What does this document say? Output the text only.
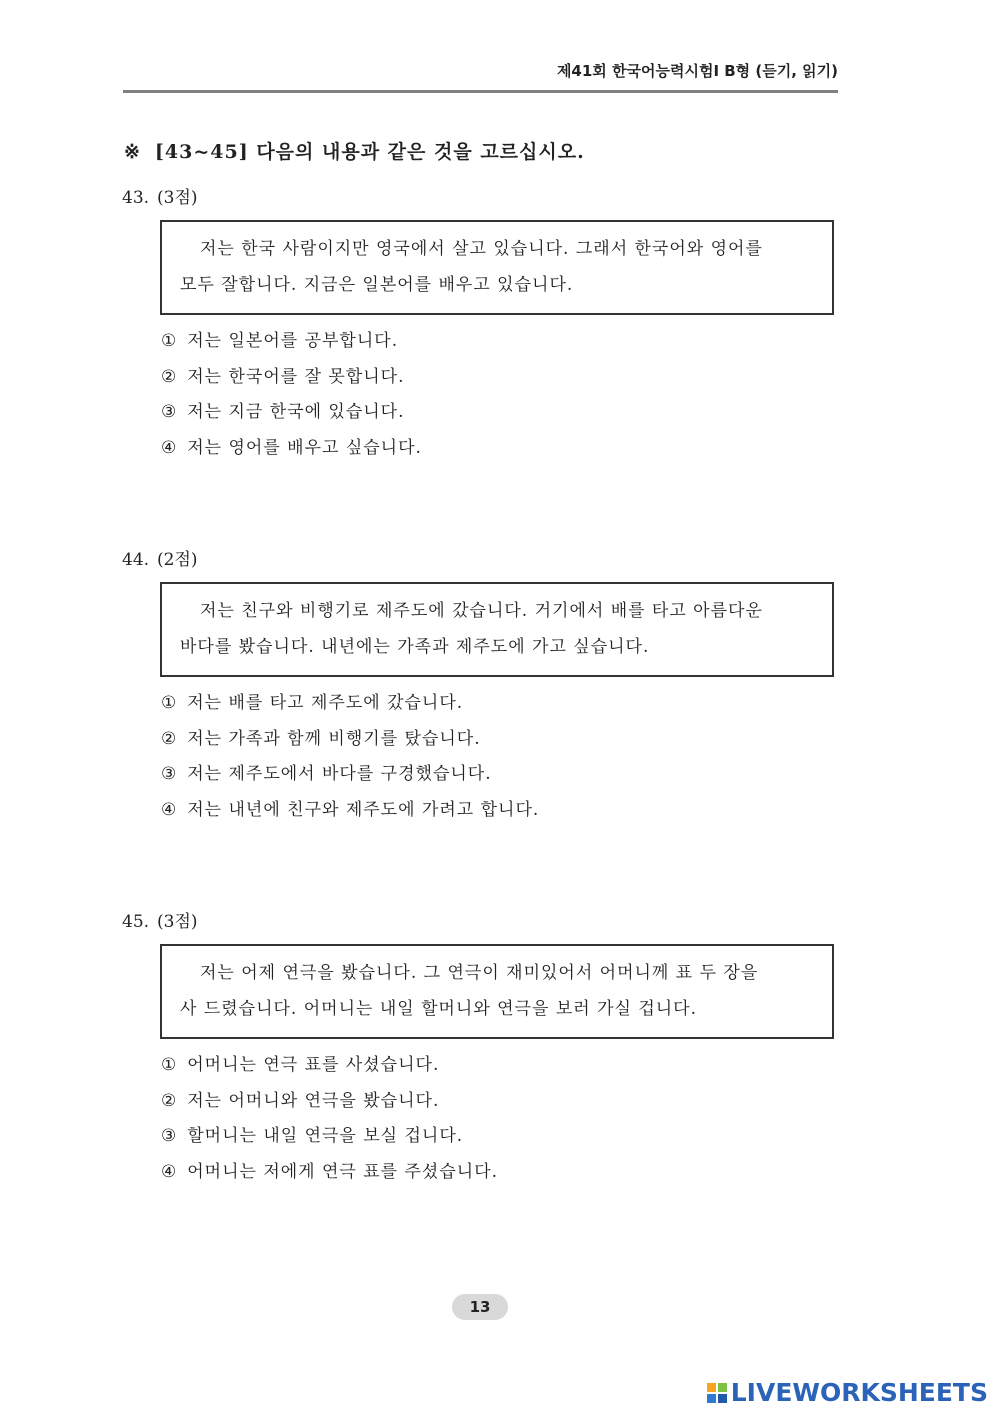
제41회 한국어능력시험Ⅰ B형 (듣기, 읽기)
※ [43~45] 다음의 내용과 같은 것을 고르십시오.
43. (3점)
저는 한국 사람이지만 영국에서 살고 있습니다. 그래서 한국어와 영어를
모두 잘합니다. 지금은 일본어를 배우고 있습니다.
① 저는 일본어를 공부합니다.
② 저는 한국어를 잘 못합니다.
③ 저는 지금 한국에 있습니다.
④ 저는 영어를 배우고 싶습니다.
44. (2점)
저는 친구와 비행기로 제주도에 갔습니다. 거기에서 배를 타고 아름다운
바다를 봤습니다. 내년에는 가족과 제주도에 가고 싶습니다.
① 저는 배를 타고 제주도에 갔습니다.
② 저는 가족과 함께 비행기를 탔습니다.
③ 저는 제주도에서 바다를 구경했습니다.
④ 저는 내년에 친구와 제주도에 가려고 합니다.
45. (3점)
저는 어제 연극을 봤습니다. 그 연극이 재미있어서 어머니께 표 두 장을
사 드렸습니다. 어머니는 내일 할머니와 연극을 보러 가실 겁니다.
① 어머니는 연극 표를 사셨습니다.
② 저는 어머니와 연극을 봤습니다.
③ 할머니는 내일 연극을 보실 겁니다.
④ 어머니는 저에게 연극 표를 주셨습니다.
13
LIVEWORKSHEETS
